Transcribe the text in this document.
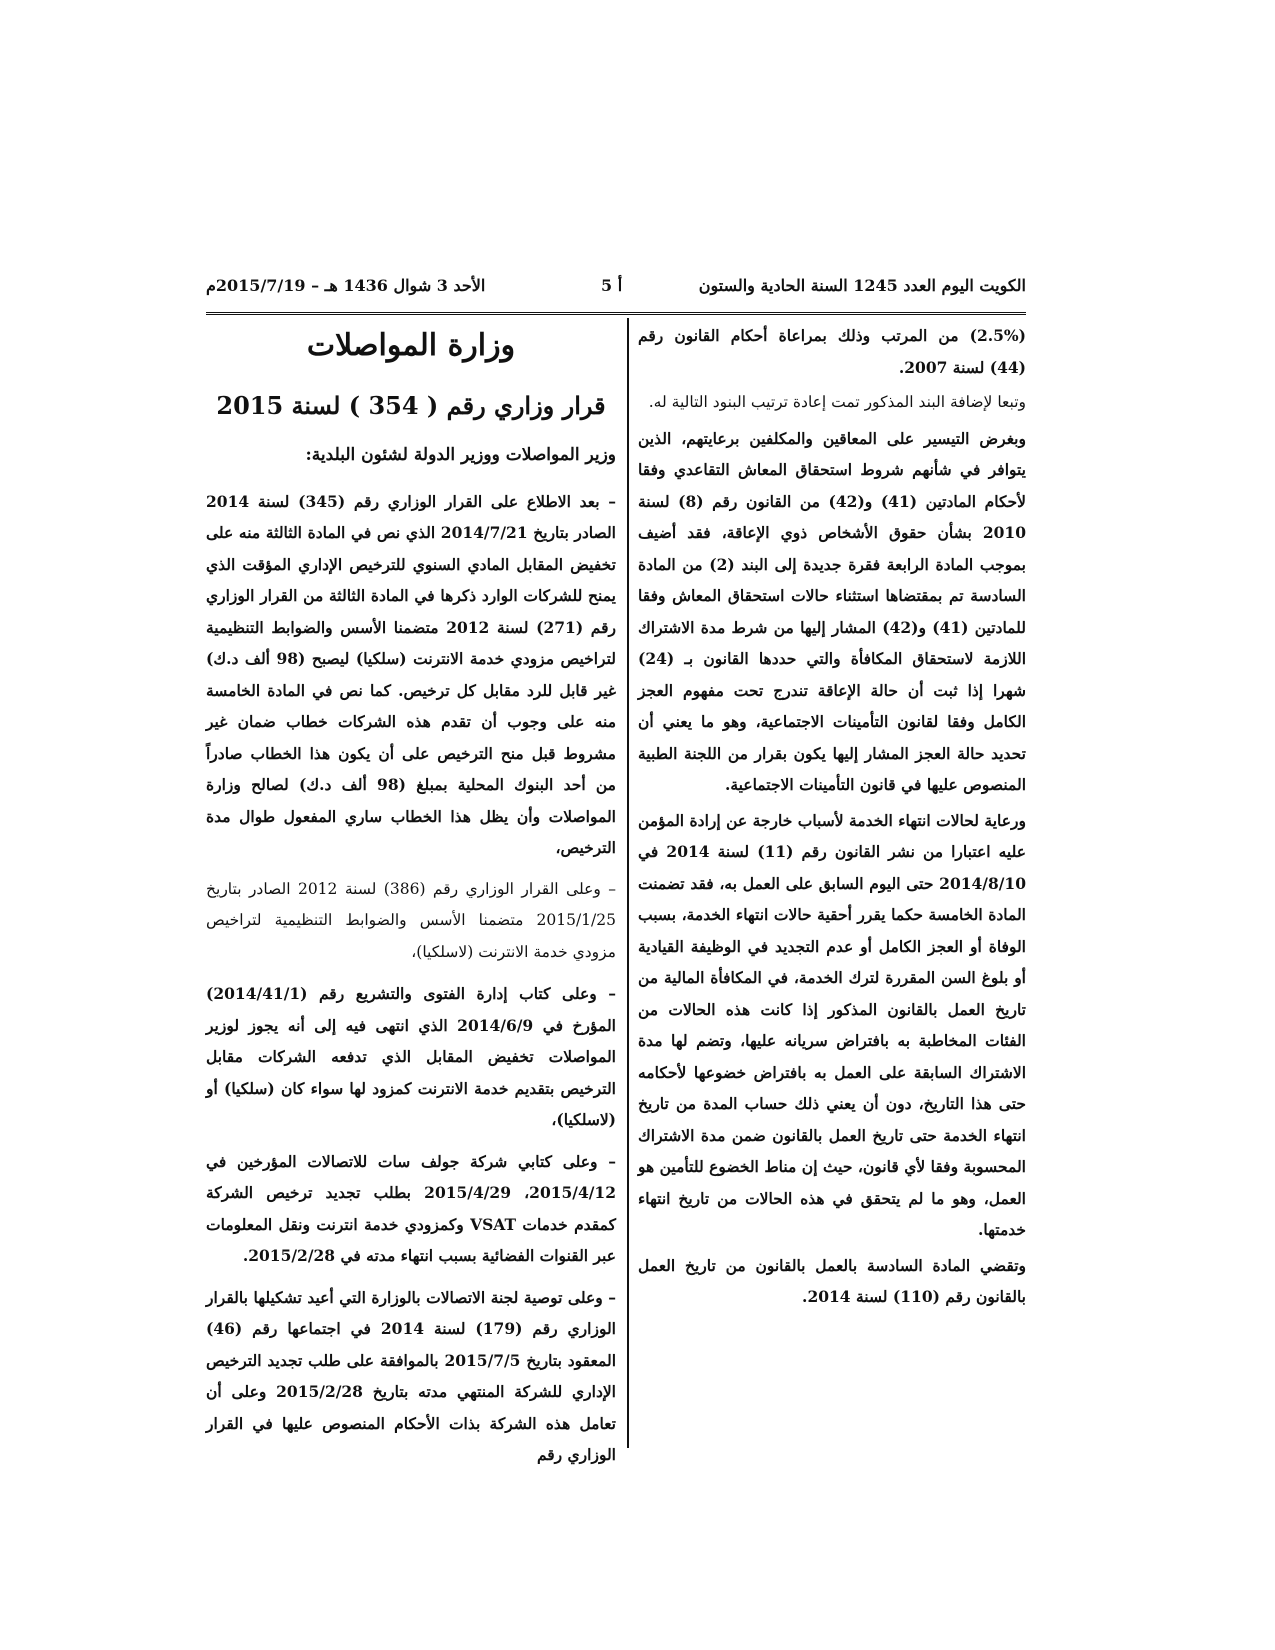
الكويت اليوم العدد 1245 السنة الحادية والستون
أ 5
الأحد 3 شوال 1436 هـ – 2015/7/19م

(2.5%) من المرتب وذلك بمراعاة أحكام القانون رقم (44) لسنة 2007.

وتبعا لإضافة البند المذكور تمت إعادة ترتيب البنود التالية له.

وبغرض التيسير على المعاقين والمكلفين برعايتهم، الذين يتوافر في شأنهم شروط استحقاق المعاش التقاعدي وفقا لأحكام المادتين (41) و(42) من القانون رقم (8) لسنة 2010 بشأن حقوق الأشخاص ذوي الإعاقة، فقد أضيف بموجب المادة الرابعة فقرة جديدة إلى البند (2) من المادة السادسة تم بمقتضاها استثناء حالات استحقاق المعاش وفقا للمادتين (41) و(42) المشار إليها من شرط مدة الاشتراك اللازمة لاستحقاق المكافأة والتي حددها القانون بـ (24) شهرا إذا ثبت أن حالة الإعاقة تندرج تحت مفهوم العجز الكامل وفقا لقانون التأمينات الاجتماعية، وهو ما يعني أن تحديد حالة العجز المشار إليها يكون بقرار من اللجنة الطبية المنصوص عليها في قانون التأمينات الاجتماعية.

ورعاية لحالات انتهاء الخدمة لأسباب خارجة عن إرادة المؤمن عليه اعتبارا من نشر القانون رقم (11) لسنة 2014 في 2014/8/10 حتى اليوم السابق على العمل به، فقد تضمنت المادة الخامسة حكما يقرر أحقية حالات انتهاء الخدمة، بسبب الوفاة أو العجز الكامل أو عدم التجديد في الوظيفة القيادية أو بلوغ السن المقررة لترك الخدمة، في المكافأة المالية من تاريخ العمل بالقانون المذكور إذا كانت هذه الحالات من الفئات المخاطبة به بافتراض سريانه عليها، وتضم لها مدة الاشتراك السابقة على العمل به بافتراض خضوعها لأحكامه حتى هذا التاريخ، دون أن يعني ذلك حساب المدة من تاريخ انتهاء الخدمة حتى تاريخ العمل بالقانون ضمن مدة الاشتراك المحسوبة وفقا لأي قانون، حيث إن مناط الخضوع للتأمين هو العمل، وهو ما لم يتحقق في هذه الحالات من تاريخ انتهاء خدمتها.

وتقضي المادة السادسة بالعمل بالقانون من تاريخ العمل بالقانون رقم (110) لسنة 2014.

وزارة المواصلات

قرار وزاري رقم ( 354 ) لسنة 2015

وزير المواصلات ووزير الدولة لشئون البلدية:

– بعد الاطلاع على القرار الوزاري رقم (345) لسنة 2014 الصادر بتاريخ 2014/7/21 الذي نص في المادة الثالثة منه على تخفيض المقابل المادي السنوي للترخيص الإداري المؤقت الذي يمنح للشركات الوارد ذكرها في المادة الثالثة من القرار الوزاري رقم (271) لسنة 2012 متضمنا الأسس والضوابط التنظيمية لتراخيص مزودي خدمة الانترنت (سلكيا) ليصبح (98 ألف د.ك) غير قابل للرد مقابل كل ترخيص. كما نص في المادة الخامسة منه على وجوب أن تقدم هذه الشركات خطاب ضمان غير مشروط قبل منح الترخيص على أن يكون هذا الخطاب صادراً من أحد البنوك المحلية بمبلغ (98 ألف د.ك) لصالح وزارة المواصلات وأن يظل هذا الخطاب ساري المفعول طوال مدة الترخيص،

– وعلى القرار الوزاري رقم (386) لسنة 2012 الصادر بتاريخ 2015/1/25 متضمنا الأسس والضوابط التنظيمية لتراخيص مزودي خدمة الانترنت (لاسلكيا)،

– وعلى كتاب إدارة الفتوى والتشريع رقم (2014/41/1) المؤرخ في 2014/6/9 الذي انتهى فيه إلى أنه يجوز لوزير المواصلات تخفيض المقابل الذي تدفعه الشركات مقابل الترخيص بتقديم خدمة الانترنت كمزود لها سواء كان (سلكيا) أو (لاسلكيا)،

– وعلى كتابي شركة جولف سات للاتصالات المؤرخين في 2015/4/12، 2015/4/29 بطلب تجديد ترخيص الشركة كمقدم خدمات VSAT وكمزودي خدمة انترنت ونقل المعلومات عبر القنوات الفضائية بسبب انتهاء مدته في 2015/2/28.

– وعلى توصية لجنة الاتصالات بالوزارة التي أعيد تشكيلها بالقرار الوزاري رقم (179) لسنة 2014 في اجتماعها رقم (46) المعقود بتاريخ 2015/7/5 بالموافقة على طلب تجديد الترخيص الإداري للشركة المنتهي مدته بتاريخ 2015/2/28 وعلى أن تعامل هذه الشركة بذات الأحكام المنصوص عليها في القرار الوزاري رقم
